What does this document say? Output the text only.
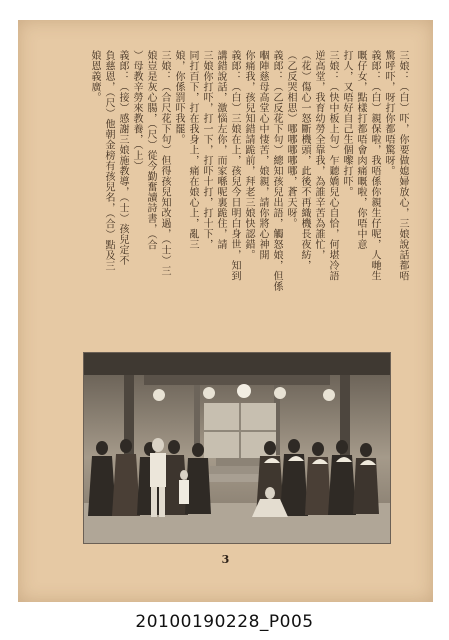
三娘：（白）吓，你要做媳婦放心，三娘說話都唔
驚呼吓，呀打你都唔驚呀。
義郎：（白）親保啦，我唔係你親生仔呢，人哋生
嘅仔女，點樣打都唔會肉痛嘅啦，你唔中意
打人，又唔好自己生個嚟打吓。
三娘：（快中板上句）乍聽嬌兒心自恰，何堪冷語
逆高堂，我育幼勞全靠我，為誰辛苦為誰忙，
（花）傷心一怒斷機頭，此後不再織機長夜紡，
（乙反哭相思）哪哪哪哪哪，蒼天呀。
義郎：（乙反花下句）總知孩兒出語，觸怒娘，但係
嗰陣慈母高堂心中悽苦，娘親，請你將心神開
你痛我，孩兒知錯請跪前，拜老三娘快認錯。
義郎：（白）三娘在上，孩兒今日明白身世，知到
講錯說話，激惱左你，而家喺呢裏跪住，請
三娘你打吓，打一下，打吓十打，打十下，
同打百下，打在我身上，痛在娘心上，亂三
娘，你係罰吓我罷。
三娘：（合尺花下句）但得孩兒知改過，（士）三
娘豈是灰心腸，（尺）從今勤奮讀詩書，（合
）母教辛勞來教養，（上）
義郎：（接）感謝三娘施教導，（士）孩兒定不
負慈恩，（尺）他朝金榜有孩兒名，（合）點及三
娘恩義廣。
3
20100190228_P005
